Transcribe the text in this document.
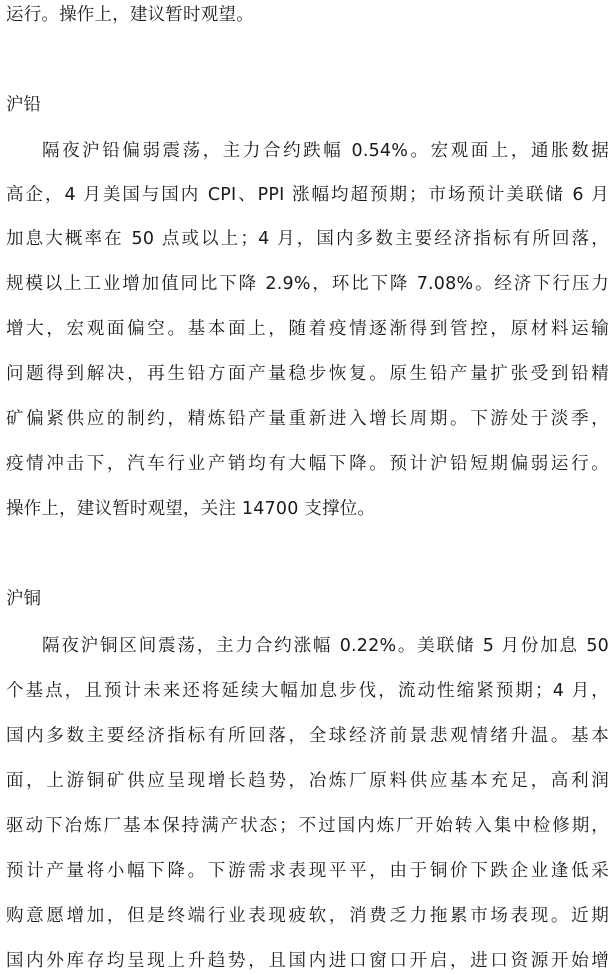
运行。操作上，建议暂时观望。
沪铅
隔夜沪铅偏弱震荡，主力合约跌幅 0.54%。宏观面上，通胀数据
高企，4 月美国与国内 CPI、PPI 涨幅均超预期；市场预计美联储 6 月
加息大概率在 50 点或以上；4 月，国内多数主要经济指标有所回落，
规模以上工业增加值同比下降 2.9%，环比下降 7.08%。经济下行压力
增大，宏观面偏空。基本面上，随着疫情逐渐得到管控，原材料运输
问题得到解决，再生铅方面产量稳步恢复。原生铅产量扩张受到铅精
矿偏紧供应的制约，精炼铅产量重新进入增长周期。下游处于淡季，
疫情冲击下，汽车行业产销均有大幅下降。预计沪铅短期偏弱运行。
操作上，建议暂时观望，关注 14700 支撑位。
沪铜
隔夜沪铜区间震荡，主力合约涨幅 0.22%。美联储 5 月份加息 50
个基点，且预计未来还将延续大幅加息步伐，流动性缩紧预期；4 月，
国内多数主要经济指标有所回落，全球经济前景悲观情绪升温。基本
面，上游铜矿供应呈现增长趋势，冶炼厂原料供应基本充足，高利润
驱动下冶炼厂基本保持满产状态；不过国内炼厂开始转入集中检修期，
预计产量将小幅下降。下游需求表现平平，由于铜价下跌企业逢低采
购意愿增加，但是终端行业表现疲软，消费乏力拖累市场表现。近期
国内外库存均呈现上升趋势，且国内进口窗口开启，进口资源开始增
